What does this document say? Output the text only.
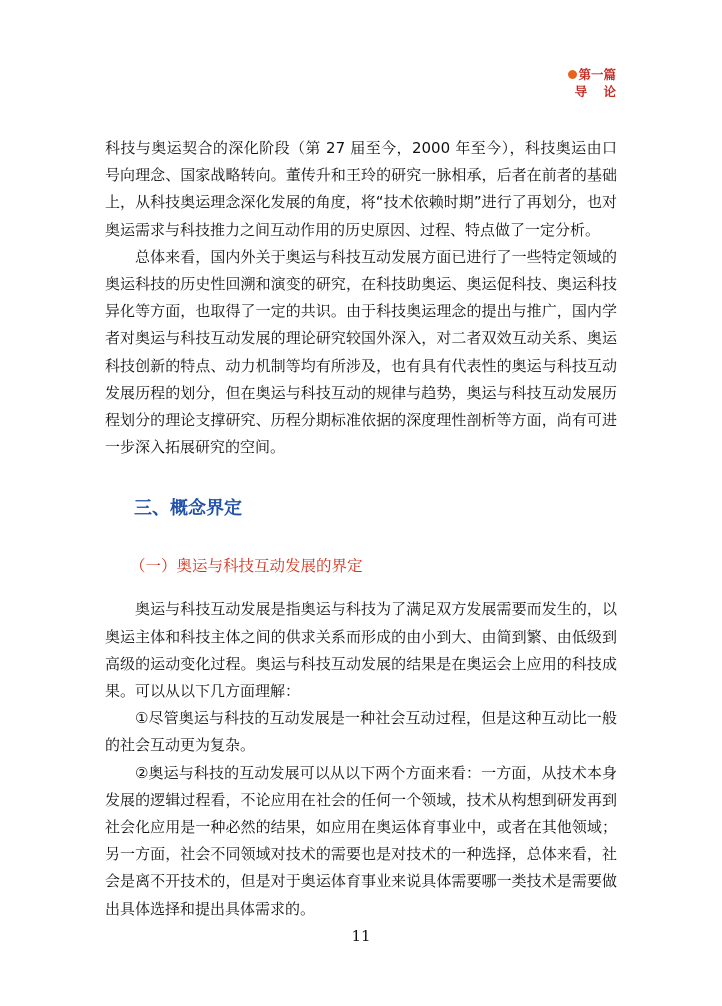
第一篇
导 论

科技与奥运契合的深化阶段（第 27 届至今，2000 年至今），科技奥运由口号向理念、国家战略转向。董传升和王玲的研究一脉相承，后者在前者的基础上，从科技奥运理念深化发展的角度，将“技术依赖时期”进行了再划分，也对奥运需求与科技推力之间互动作用的历史原因、过程、特点做了一定分析。

总体来看，国内外关于奥运与科技互动发展方面已进行了一些特定领域的奥运科技的历史性回溯和演变的研究，在科技助奥运、奥运促科技、奥运科技异化等方面，也取得了一定的共识。由于科技奥运理念的提出与推广，国内学者对奥运与科技互动发展的理论研究较国外深入，对二者双效互动关系、奥运科技创新的特点、动力机制等均有所涉及，也有具有代表性的奥运与科技互动发展历程的划分，但在奥运与科技互动的规律与趋势，奥运与科技互动发展历程划分的理论支撑研究、历程分期标准依据的深度理性剖析等方面，尚有可进一步深入拓展研究的空间。

三、概念界定
（一）奥运与科技互动发展的界定

奥运与科技互动发展是指奥运与科技为了满足双方发展需要而发生的，以奥运主体和科技主体之间的供求关系而形成的由小到大、由简到繁、由低级到高级的运动变化过程。奥运与科技互动发展的结果是在奥运会上应用的科技成果。可以从以下几方面理解：

①尽管奥运与科技的互动发展是一种社会互动过程，但是这种互动比一般的社会互动更为复杂。

②奥运与科技的互动发展可以从以下两个方面来看：一方面，从技术本身发展的逻辑过程看，不论应用在社会的任何一个领域，技术从构想到研发再到社会化应用是一种必然的结果，如应用在奥运体育事业中，或者在其他领域；另一方面，社会不同领域对技术的需要也是对技术的一种选择，总体来看，社会是离不开技术的，但是对于奥运体育事业来说具体需要哪一类技术是需要做出具体选择和提出具体需求的。

11
